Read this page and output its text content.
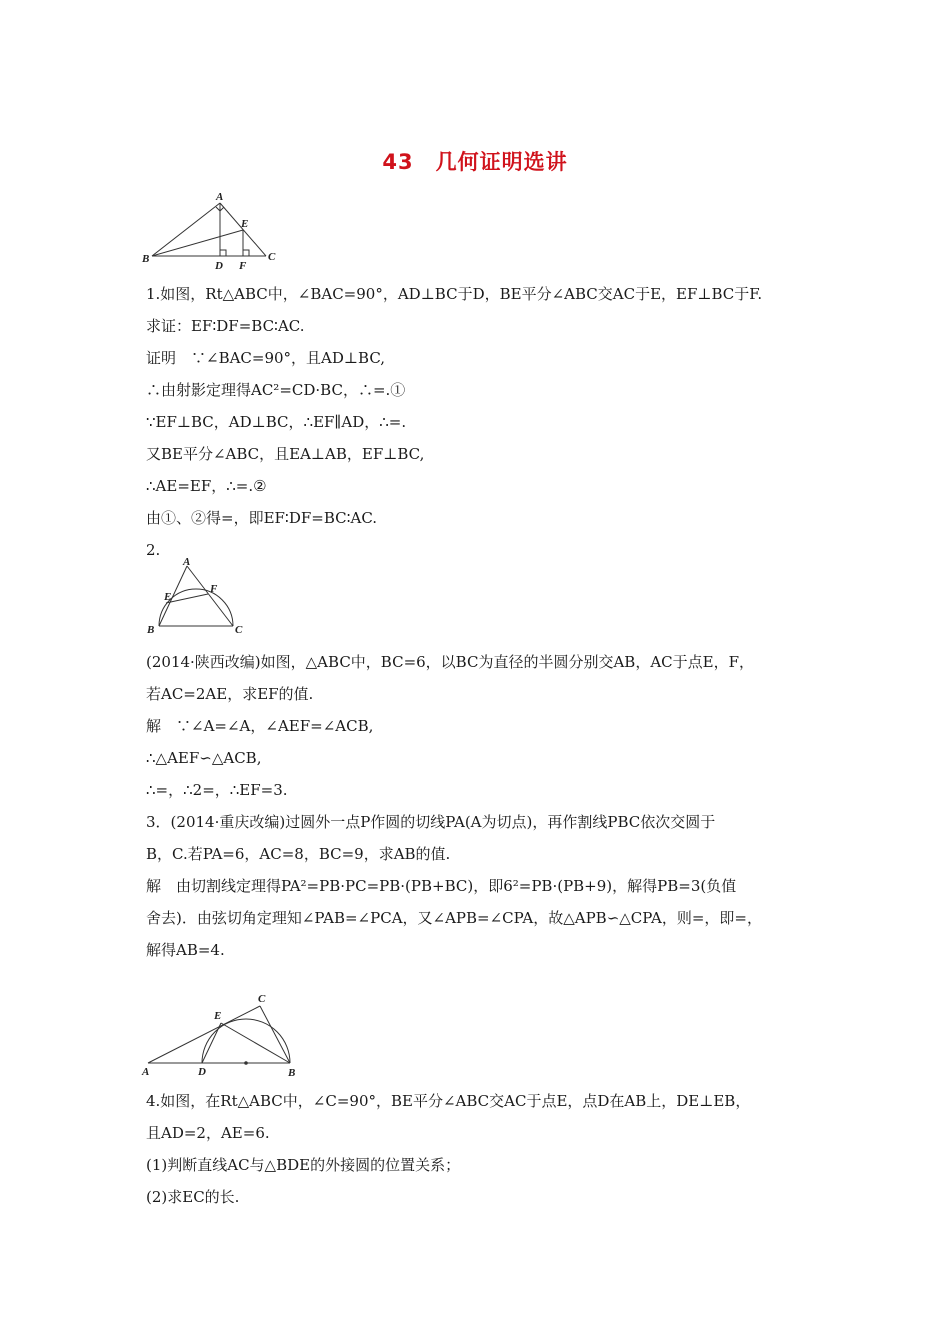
43　几何证明选讲
A
B	C
D
E
F
A
B	C
E
F
A	D	B
C
E
1.如图，Rt△ABC中，∠BAC=90°，AD⊥BC于D，BE平分∠ABC交AC于E，EF⊥BC于F.
求证：EF∶DF=BC∶AC.
证明　∵∠BAC=90°，且AD⊥BC,
∴由射影定理得AC²=CD·BC，∴=.①
∵EF⊥BC，AD⊥BC，∴EF∥AD，∴=.
又BE平分∠ABC，且EA⊥AB，EF⊥BC,
∴AE=EF，∴=.②
由①、②得=，即EF∶DF=BC∶AC.
2.
(2014·陕西改编)如图，△ABC中，BC=6，以BC为直径的半圆分别交AB，AC于点E，F，
若AC=2AE，求EF的值.
解　∵∠A=∠A，∠AEF=∠ACB,
∴△AEF∽△ACB,
∴=，∴2=，∴EF=3.
3．(2014·重庆改编)过圆外一点P作圆的切线PA(A为切点)，再作割线PBC依次交圆于
B，C.若PA=6，AC=8，BC=9，求AB的值.
解　由切割线定理得PA²=PB·PC=PB·(PB+BC)，即6²=PB·(PB+9)，解得PB=3(负值
舍去)．由弦切角定理知∠PAB=∠PCA，又∠APB=∠CPA，故△APB∽△CPA，则=，即=，
解得AB=4.
4.如图，在Rt△ABC中，∠C=90°，BE平分∠ABC交AC于点E，点D在AB上，DE⊥EB，
且AD=2，AE=6.
(1)判断直线AC与△BDE的外接圆的位置关系；
(2)求EC的长.
